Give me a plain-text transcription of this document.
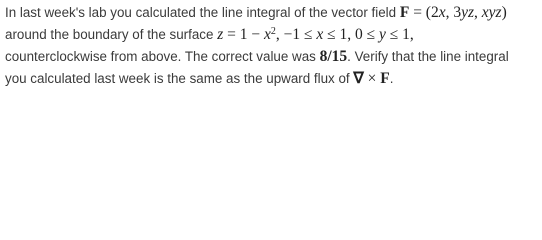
In last week's lab you calculated the line integral of the vector field F = (2x, 3yz, xyz)
around the boundary of the surface $z = 1 - x^2$, −1 ≤ x ≤ 1, 0 ≤ y ≤ 1,
counterclockwise from above. The correct value was 8/15. Verify that the line integral
you calculated last week is the same as the upward flux of ∇ × F.
